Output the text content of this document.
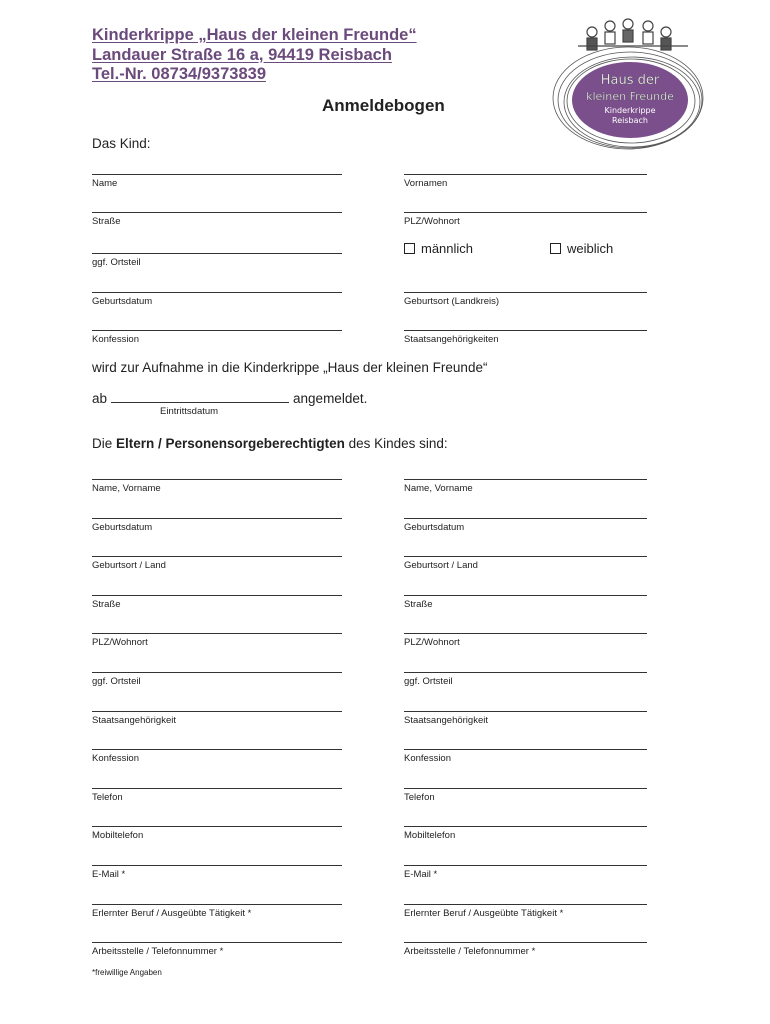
Kinderkrippe „Haus der kleinen Freunde“
Landauer Straße 16 a, 94419 Reisbach
Tel.-Nr. 08734/9373839	Haus der
kleinen Freunde
Kinderkrippe
Reisbach
Anmeldebogen
Das Kind:
Name	Vornamen
Straße	PLZ/Wohnort
ggf. Ortsteil
männlich	weiblich
Geburtsdatum	Geburtsort (Landkreis)
Konfession	Staatsangehörigkeiten
wird zur Aufnahme in die Kinderkrippe „Haus der kleinen Freunde“
ab	angemeldet.
Eintrittsdatum
Die Eltern / Personensorgeberechtigten des Kindes sind:
Name, Vorname	Name, Vorname
Geburtsdatum	Geburtsdatum
Geburtsort / Land	Geburtsort / Land
Straße	Straße
PLZ/Wohnort	PLZ/Wohnort
ggf. Ortsteil	ggf. Ortsteil
Staatsangehörigkeit	Staatsangehörigkeit
Konfession	Konfession
Telefon	Telefon
Mobiltelefon	Mobiltelefon
E-Mail *	E-Mail *
Erlernter Beruf / Ausgeübte Tätigkeit *	Erlernter Beruf / Ausgeübte Tätigkeit *
Arbeitsstelle / Telefonnummer *	Arbeitsstelle / Telefonnummer *
*freiwillige Angaben
